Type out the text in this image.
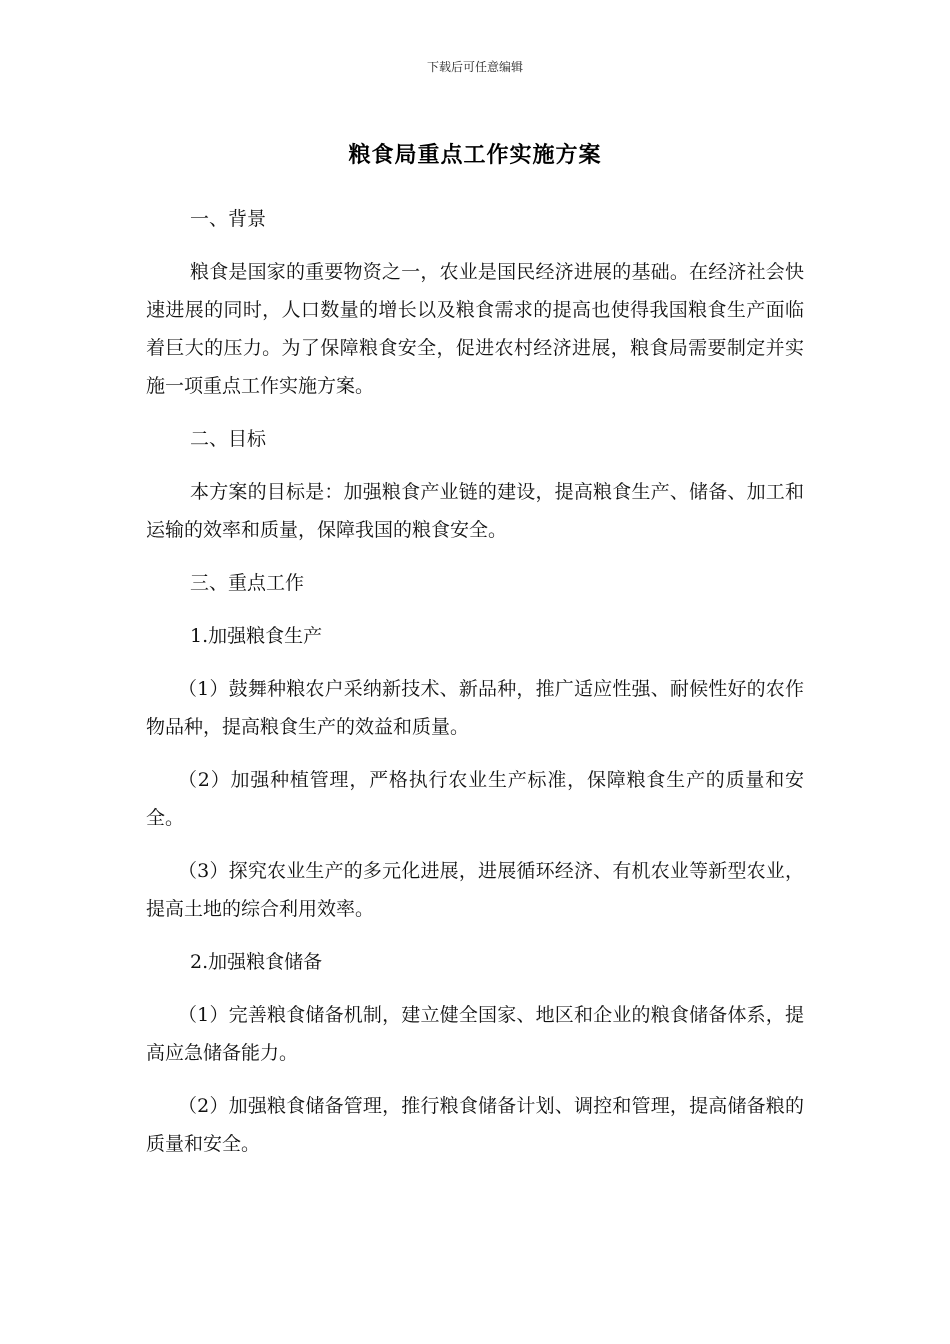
下载后可任意编辑
粮食局重点工作实施方案

一、背景

粮食是国家的重要物资之一，农业是国民经济进展的基础。在经济社会快速进展的同时，人口数量的增长以及粮食需求的提高也使得我国粮食生产面临着巨大的压力。为了保障粮食安全，促进农村经济进展，粮食局需要制定并实施一项重点工作实施方案。

二、目标

本方案的目标是：加强粮食产业链的建设，提高粮食生产、储备、加工和运输的效率和质量，保障我国的粮食安全。

三、重点工作

1.加强粮食生产

（1）鼓舞种粮农户采纳新技术、新品种，推广适应性强、耐候性好的农作物品种，提高粮食生产的效益和质量。

（2）加强种植管理，严格执行农业生产标准，保障粮食生产的质量和安全。

（3）探究农业生产的多元化进展，进展循环经济、有机农业等新型农业，提高土地的综合利用效率。

2.加强粮食储备

（1）完善粮食储备机制，建立健全国家、地区和企业的粮食储备体系，提高应急储备能力。

（2）加强粮食储备管理，推行粮食储备计划、调控和管理，提高储备粮的质量和安全。
